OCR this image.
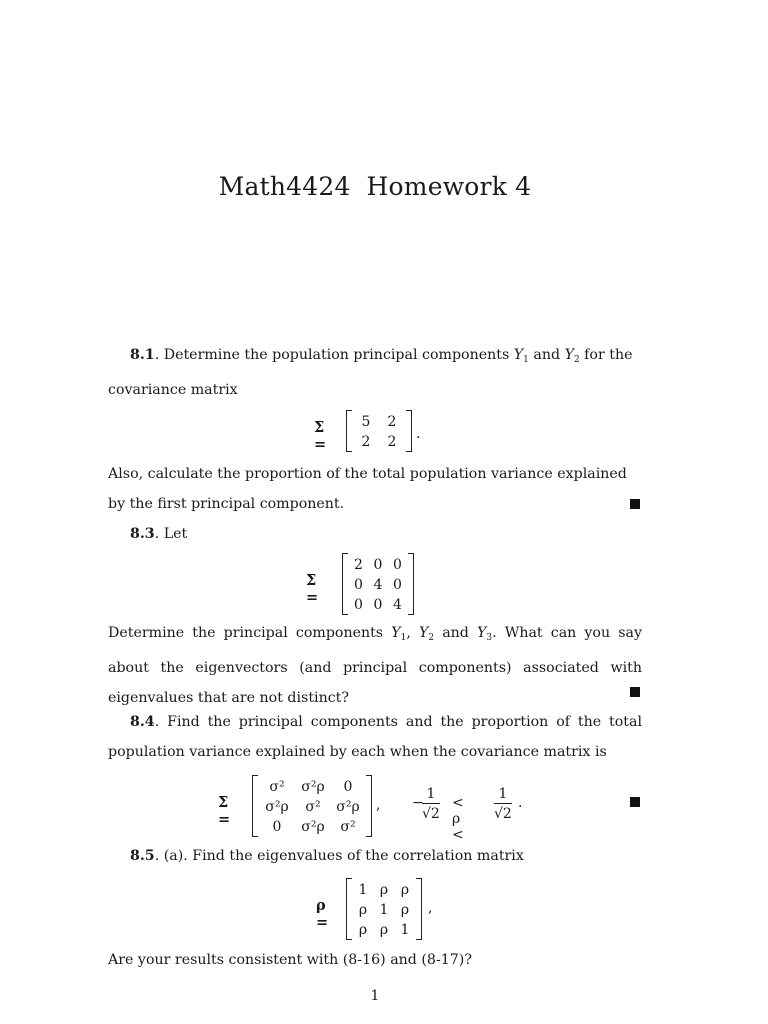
Math4424 Homework 4
8.1. Determine the population principal components $Y_1$ and $Y_2$ for the covariance matrix
Σ =
5	2
2	2	.
Also, calculate the proportion of the total population variance explained by the first principal component.
8.3. Let
Σ =
2 0 0
0 4 0
0 0 4
Determine the principal components $Y_1$, $Y_2$ and $Y_3$. What can you say about the eigenvectors (and principal components) associated with eigenvalues that are not distinct?
8.4. Find the principal components and the proportion of the total population variance explained by each when the covariance matrix is
Σ =
σ²	σ²ρ	0
σ²ρ	σ²	σ²ρ
0	σ²ρ	σ²
, −
$\frac{1}{√2} < \rho$ <
$\frac{1}{√2}$ .
8.5. (a). Find the eigenvalues of the correlation matrix
ρ =
1 ρ ρ
ρ 1 ρ
ρ ρ 1
,
Are your results consistent with (8-16) and (8-17)?
1
